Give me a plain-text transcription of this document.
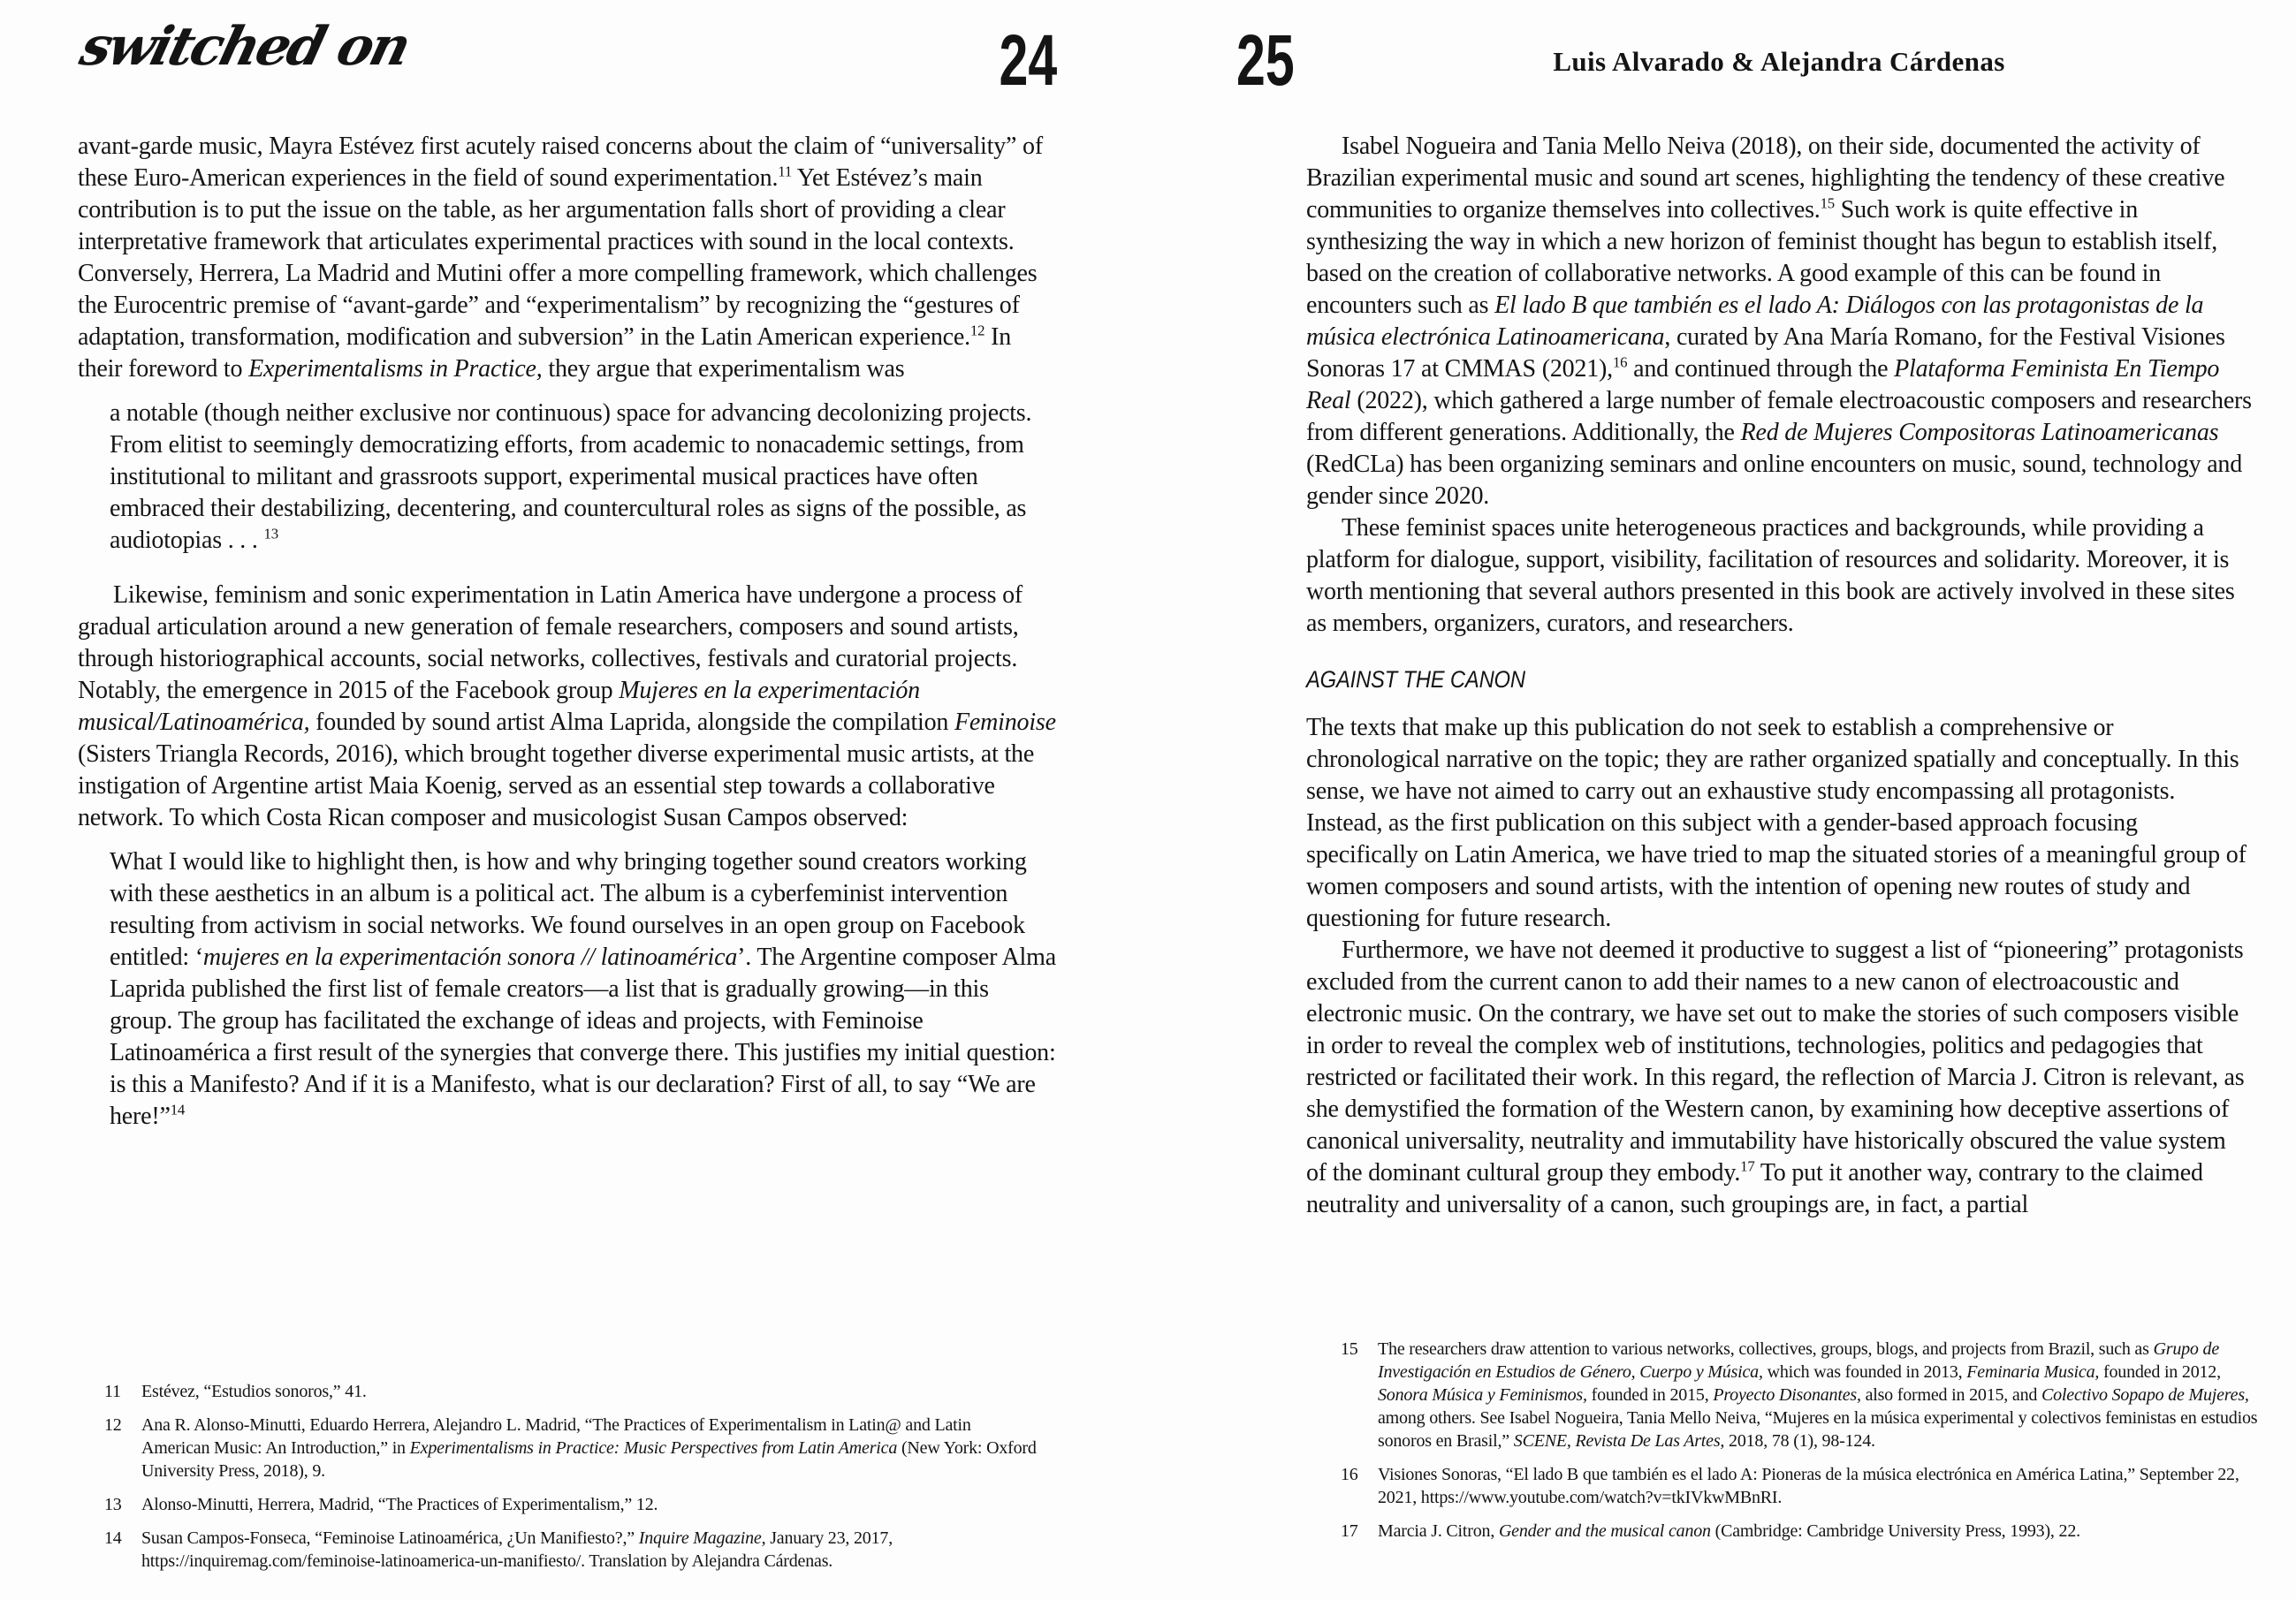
switched on	24
avant-garde music, Mayra Estévez first acutely raised concerns about the claim of “universality” of these Euro-American experiences in the field of sound experimentation.$^{11}$ Yet Estévez’s main contribution is to put the issue on the table, as her argumentation falls short of providing a clear interpretative framework that articulates experimental practices with sound in the local contexts. Conversely, Herrera, La Madrid and Mutini offer a more compelling framework, which challenges the Eurocentric premise of “avant-garde” and “experimentalism” by recognizing the “gestures of adaptation, transformation, modification and subversion” in the Latin American experience.$^{12}$ In their foreword to Experimentalisms in Practice, they argue that experimentalism was
a notable (though neither exclusive nor continuous) space for advancing decolonizing projects. From elitist to seemingly democratizing efforts, from academic to nonacademic settings, from institutional to militant and grassroots support, experimental musical practices have often embraced their destabilizing, decentering, and countercultural roles as signs of the possible, as audiotopias . . . $^{13}$
Likewise, feminism and sonic experimentation in Latin America have undergone a process of gradual articulation around a new generation of female researchers, composers and sound artists, through historiographical accounts, social networks, collectives, festivals and curatorial projects. Notably, the emergence in 2015 of the Facebook group Mujeres en la experimentación musical/Latinoamérica, founded by sound artist Alma Laprida, alongside the compilation Feminoise (Sisters Triangla Records, 2016), which brought together diverse experimental music artists, at the instigation of Argentine artist Maia Koenig, served as an essential step towards a collaborative network. To which Costa Rican composer and musicologist Susan Campos observed:
What I would like to highlight then, is how and why bringing together sound creators working with these aesthetics in an album is a political act. The album is a cyberfeminist intervention resulting from activism in social networks. We found ourselves in an open group on Facebook entitled: ‘mujeres en la experimentación sonora // latinoamérica’. The Argentine composer Alma Laprida published the first list of female creators—a list that is gradually growing—in this group. The group has facilitated the exchange of ideas and projects, with Feminoise Latinoamérica a first result of the synergies that converge there. This justifies my initial question: is this a Manifesto? And if it is a Manifesto, what is our declaration? First of all, to say “We are here!”$^{14}$
11	Estévez, “Estudios sonoros,” 41.
12	Ana R. Alonso-Minutti, Eduardo Herrera, Alejandro L. Madrid, “The Practices of Experimentalism in Latin@ and Latin American Music: An Introduction,” in Experimentalisms in Practice: Music Perspectives from Latin America (New York: Oxford University Press, 2018), 9.
13	Alonso-Minutti, Herrera, Madrid, “The Practices of Experimentalism,” 12.
14	Susan Campos-Fonseca, “Feminoise Latinoamérica, ¿Un Manifiesto?,” Inquire Magazine, January 23, 2017, https://inquiremag.com/feminoise-latinoamerica-un-manifiesto/. Translation by Alejandra Cárdenas.
25	Luis Alvarado & Alejandra Cárdenas
Isabel Nogueira and Tania Mello Neiva (2018), on their side, documented the activity of Brazilian experimental music and sound art scenes, highlighting the tendency of these creative communities to organize themselves into collectives.$^{15}$ Such work is quite effective in synthesizing the way in which a new horizon of feminist thought has begun to establish itself, based on the creation of collaborative networks. A good example of this can be found in encounters such as El lado B que también es el lado A: Diálogos con las protagonistas de la música electrónica Latinoamericana, curated by Ana María Romano, for the Festival Visiones Sonoras 17 at CMMAS (2021),$^{16}$ and continued through the Plataforma Feminista En Tiempo Real (2022), which gathered a large number of female electroacoustic composers and researchers from different generations. Additionally, the Red de Mujeres Compositoras Latinoamericanas (RedCLa) has been organizing seminars and online encounters on music, sound, technology and gender since 2020.
These feminist spaces unite heterogeneous practices and backgrounds, while providing a platform for dialogue, support, visibility, facilitation of resources and solidarity. Moreover, it is worth mentioning that several authors presented in this book are actively involved in these sites as members, organizers, curators, and researchers.
AGAINST THE CANON
The texts that make up this publication do not seek to establish a comprehensive or chronological narrative on the topic; they are rather organized spatially and conceptually. In this sense, we have not aimed to carry out an exhaustive study encompassing all protagonists. Instead, as the first publication on this subject with a gender-based approach focusing specifically on Latin America, we have tried to map the situated stories of a meaningful group of women composers and sound artists, with the intention of opening new routes of study and questioning for future research.
Furthermore, we have not deemed it productive to suggest a list of “pioneering” protagonists excluded from the current canon to add their names to a new canon of electroacoustic and electronic music. On the contrary, we have set out to make the stories of such composers visible in order to reveal the complex web of institutions, technologies, politics and pedagogies that restricted or facilitated their work. In this regard, the reflection of Marcia J. Citron is relevant, as she demystified the formation of the Western canon, by examining how deceptive assertions of canonical universality, neutrality and immutability have historically obscured the value system of the dominant cultural group they embody.$^{17}$ To put it another way, contrary to the claimed neutrality and universality of a canon, such groupings are, in fact, a partial
15	The researchers draw attention to various networks, collectives, groups, blogs, and projects from Brazil, such as Grupo de Investigación en Estudios de Género, Cuerpo y Música, which was founded in 2013, Feminaria Musica, founded in 2012, Sonora Música y Feminismos, founded in 2015, Proyecto Disonantes, also formed in 2015, and Colectivo Sopapo de Mujeres, among others. See Isabel Nogueira, Tania Mello Neiva, “Mujeres en la música experimental y colectivos feministas en estudios sonoros en Brasil,” SCENE, Revista De Las Artes, 2018, 78 (1), 98-124.
16	Visiones Sonoras, “El lado B que también es el lado A: Pioneras de la música electrónica en América Latina,” September 22, 2021, https://www.youtube.com/watch?v=tkIVkwMBnRI.
17	Marcia J. Citron, Gender and the musical canon (Cambridge: Cambridge University Press, 1993), 22.
